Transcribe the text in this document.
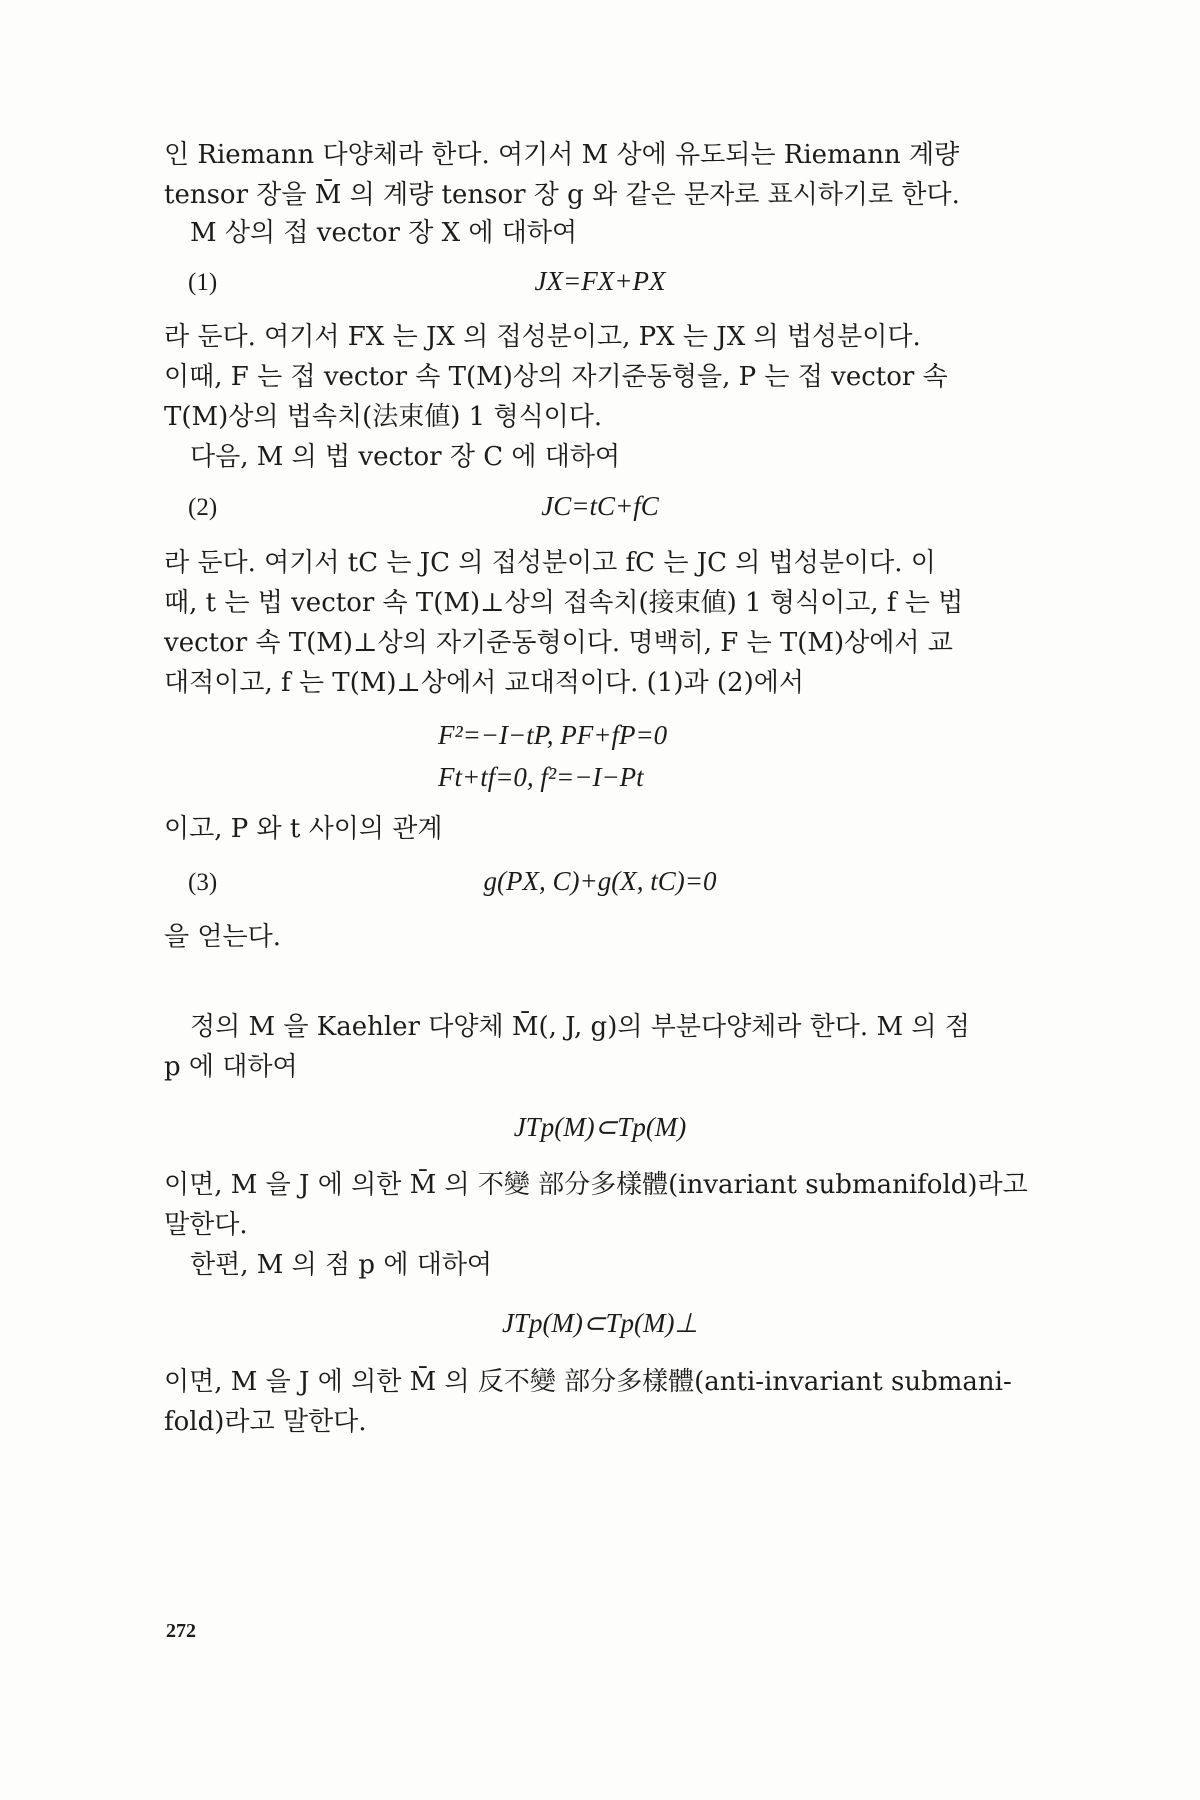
인 Riemann 다양체라 한다. 여기서 M 상에 유도되는 Riemann 계량
tensor 장을 M̄ 의 계량 tensor 장 g 와 같은 문자로 표시하기로 한다.
M 상의 접 vector 장 X 에 대하여
(1)	JX=FX+PX
라 둔다. 여기서 FX 는 JX 의 접성분이고, PX 는 JX 의 법성분이다.
이때, F 는 접 vector 속 T(M)상의 자기준동형을, P 는 접 vector 속
T(M)상의 법속치(法束値) 1 형식이다.
다음, M 의 법 vector 장 C 에 대하여
(2)	JC=tC+fC
라 둔다. 여기서 tC 는 JC 의 접성분이고 fC 는 JC 의 법성분이다. 이
때, t 는 법 vector 속 T(M)⊥상의 접속치(接束値) 1 형식이고, f 는 법
vector 속 T(M)⊥상의 자기준동형이다. 명백히, F 는 T(M)상에서 교
대적이고, f 는 T(M)⊥상에서 교대적이다. (1)과 (2)에서
F²=−I−tP, PF+fP=0
Ft+tf=0, f²=−I−Pt
이고, P 와 t 사이의 관계
(3)	g(PX, C)+g(X, tC)=0
을 얻는다.
정의 M 을 Kaehler 다양체 M̄(, J, g)의 부분다양체라 한다. M 의 점
p 에 대하여
JTp(M)⊂Tp(M)
이면, M 을 J 에 의한 M̄ 의 不變 部分多樣體(invariant submanifold)라고
말한다.
한편, M 의 점 p 에 대하여
JTp(M)⊂Tp(M)⊥
이면, M 을 J 에 의한 M̄ 의 反不變 部分多樣體(anti-invariant submani-
fold)라고 말한다.
272
